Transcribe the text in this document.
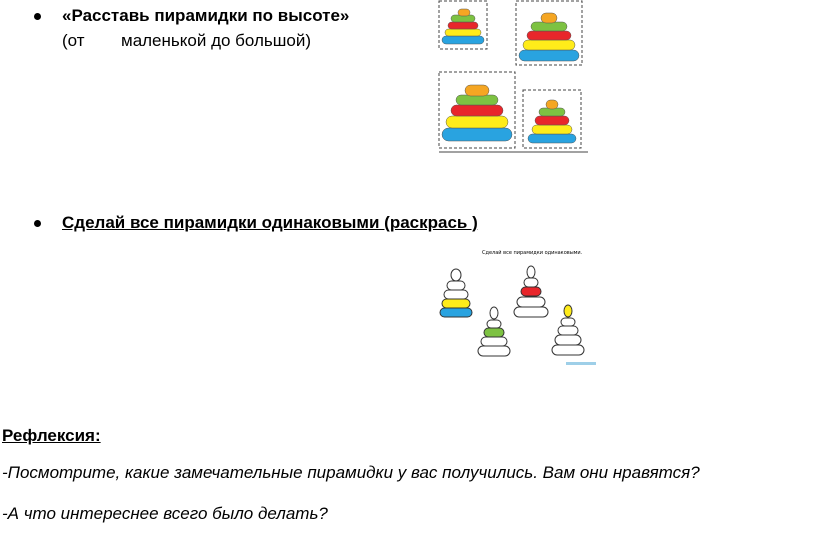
«Расставь пирамидки по высоте»
(от маленькой до большой)
Сделай все пирамидки одинаковыми (раскрась )
Сделай все пирамидки одинаковыми.
Рефлексия:
-Посмотрите, какие замечательные пирамидки у вас получились. Вам они нравятся?
-А что интереснее всего было делать?
